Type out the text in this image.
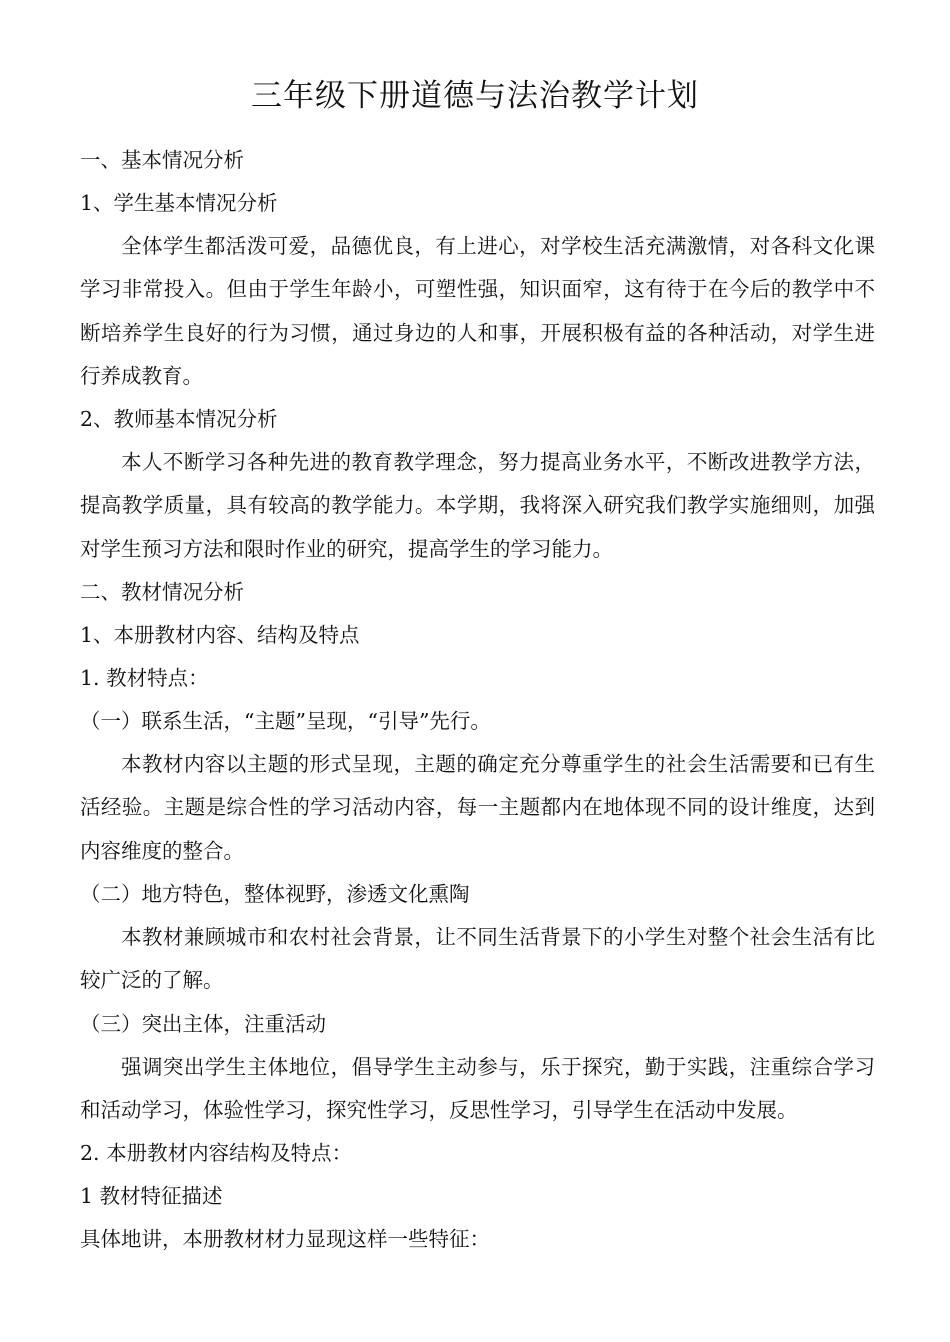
三年级下册道德与法治教学计划
一、基本情况分析
1、学生基本情况分析
全体学生都活泼可爱，品德优良，有上进心，对学校生活充满激情，对各科文化课学习非常投入。但由于学生年龄小，可塑性强，知识面窄，这有待于在今后的教学中不断培养学生良好的行为习惯，通过身边的人和事，开展积极有益的各种活动，对学生进行养成教育。
2、教师基本情况分析
本人不断学习各种先进的教育教学理念，努力提高业务水平，不断改进教学方法，提高教学质量，具有较高的教学能力。本学期，我将深入研究我们教学实施细则，加强对学生预习方法和限时作业的研究，提高学生的学习能力。
二、教材情况分析
1、本册教材内容、结构及特点
1. 教材特点：
（一）联系生活，“主题”呈现，“引导”先行。
本教材内容以主题的形式呈现，主题的确定充分尊重学生的社会生活需要和已有生活经验。主题是综合性的学习活动内容，每一主题都内在地体现不同的设计维度，达到内容维度的整合。
（二）地方特色，整体视野，渗透文化熏陶
本教材兼顾城市和农村社会背景，让不同生活背景下的小学生对整个社会生活有比较广泛的了解。
（三）突出主体，注重活动
强调突出学生主体地位，倡导学生主动参与，乐于探究，勤于实践，注重综合学习和活动学习，体验性学习，探究性学习，反思性学习，引导学生在活动中发展。
2. 本册教材内容结构及特点：
1 教材特征描述
具体地讲，本册教材材力显现这样一些特征：
